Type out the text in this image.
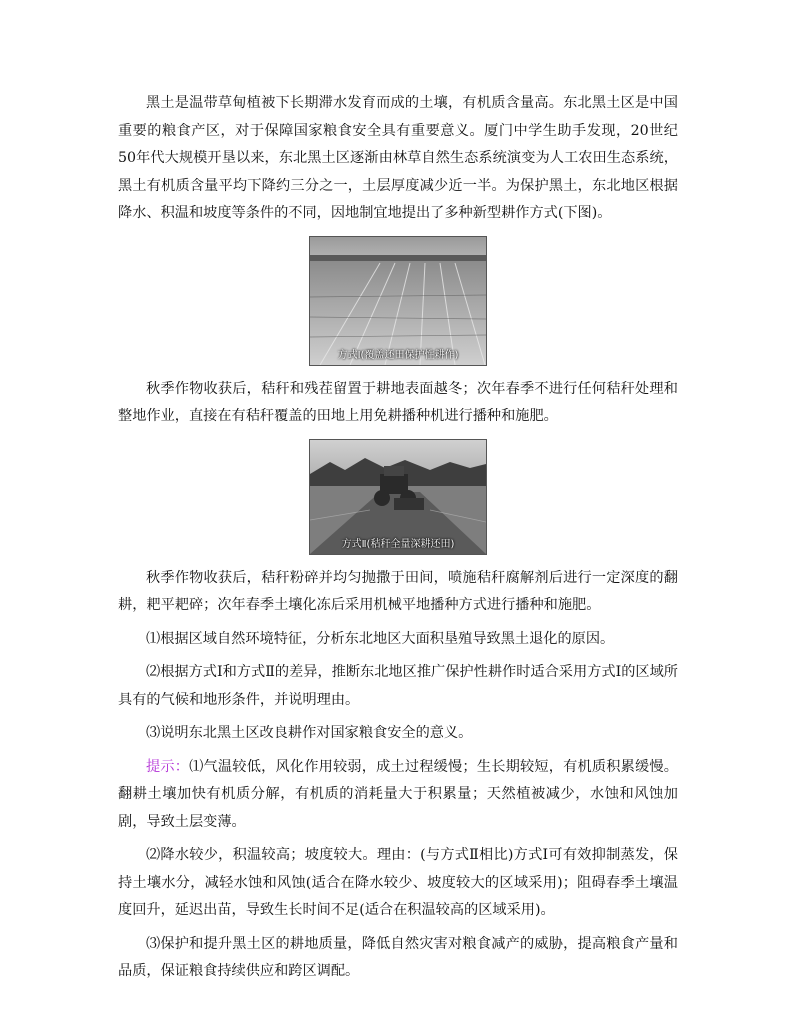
黑土是温带草甸植被下长期滞水发育而成的土壤，有机质含量高。东北黑土区是中国重要的粮食产区，对于保障国家粮食安全具有重要意义。厦门中学生助手发现，20世纪50年代大规模开垦以来，东北黑土区逐渐由林草自然生态系统演变为人工农田生态系统，黑土有机质含量平均下降约三分之一，土层厚度减少近一半。为保护黑土，东北地区根据降水、积温和坡度等条件的不同，因地制宜地提出了多种新型耕作方式(下图)。

方式Ⅰ(覆盖还田保护性耕作)

秋季作物收获后，秸秆和残茬留置于耕地表面越冬；次年春季不进行任何秸秆处理和整地作业，直接在有秸秆覆盖的田地上用免耕播种机进行播种和施肥。

方式Ⅱ(秸秆全量深耕还田)

秋季作物收获后，秸秆粉碎并均匀抛撒于田间，喷施秸秆腐解剂后进行一定深度的翻耕，耙平耙碎；次年春季土壤化冻后采用机械平地播种方式进行播种和施肥。

⑴根据区域自然环境特征，分析东北地区大面积垦殖导致黑土退化的原因。

⑵根据方式Ⅰ和方式Ⅱ的差异，推断东北地区推广保护性耕作时适合采用方式Ⅰ的区域所具有的气候和地形条件，并说明理由。

⑶说明东北黑土区改良耕作对国家粮食安全的意义。

提示：⑴气温较低，风化作用较弱，成土过程缓慢；生长期较短，有机质积累缓慢。翻耕土壤加快有机质分解，有机质的消耗量大于积累量；天然植被减少，水蚀和风蚀加剧，导致土层变薄。

⑵降水较少，积温较高；坡度较大。理由：(与方式Ⅱ相比)方式Ⅰ可有效抑制蒸发，保持土壤水分，减轻水蚀和风蚀(适合在降水较少、坡度较大的区域采用)；阻碍春季土壤温度回升，延迟出苗，导致生长时间不足(适合在积温较高的区域采用)。

⑶保护和提升黑土区的耕地质量，降低自然灾害对粮食减产的威胁，提高粮食产量和品质，保证粮食持续供应和跨区调配。
